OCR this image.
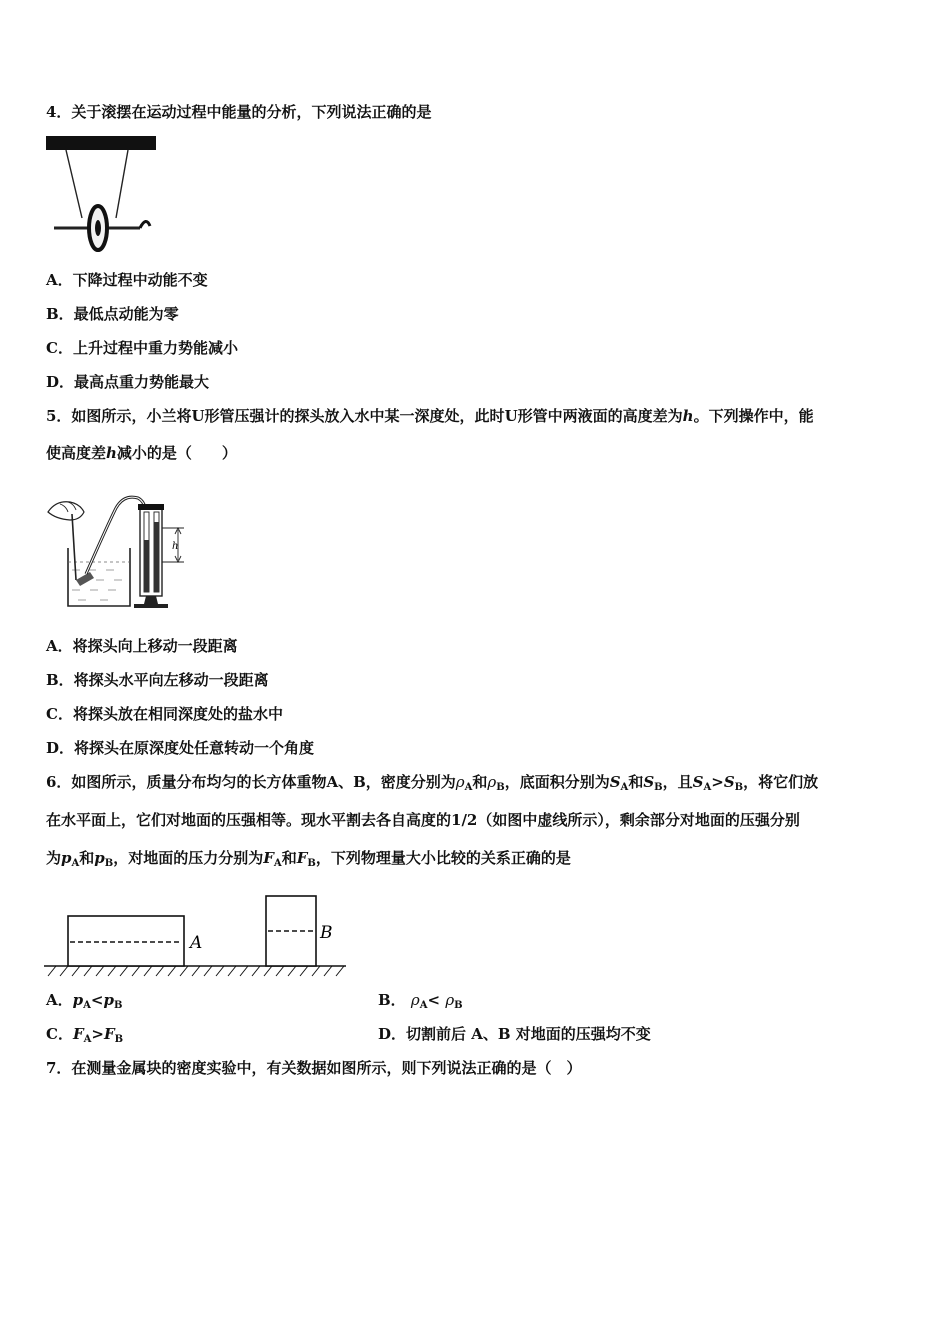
4．关于滚摆在运动过程中能量的分析，下列说法正确的是
A．下降过程中动能不变
B．最低点动能为零
C．上升过程中重力势能减小
D．最高点重力势能最大
5．如图所示，小兰将U形管压强计的探头放入水中某一深度处，此时U形管中两液面的高度差为h。下列操作中，能
使高度差h减小的是（　　）
h
A．将探头向上移动一段距离
B．将探头水平向左移动一段距离
C．将探头放在相同深度处的盐水中
D．将探头在原深度处任意转动一个角度
6．如图所示，质量分布均匀的长方体重物A、B，密度分别为$\rho_A$和$\rho_B$，底面积分别为$S_A$和$S_B$，且$S_A>S_B$，将它们放
在水平面上，它们对地面的压强相等。现水平割去各自高度的1/2（如图中虚线所示），剩余部分对地面的压强分别
为$p_A$和$p_B$，对地面的压力分别为$F_A$和$F_B$，下列物理量大小比较的关系正确的是
A	B
A．$p_A<p_B$	B． $\rho_A< \rho_B$
C．$F_A>F_B$	D．切割前后 A、B 对地面的压强均不变
7．在测量金属块的密度实验中，有关数据如图所示，则下列说法正确的是（　）
